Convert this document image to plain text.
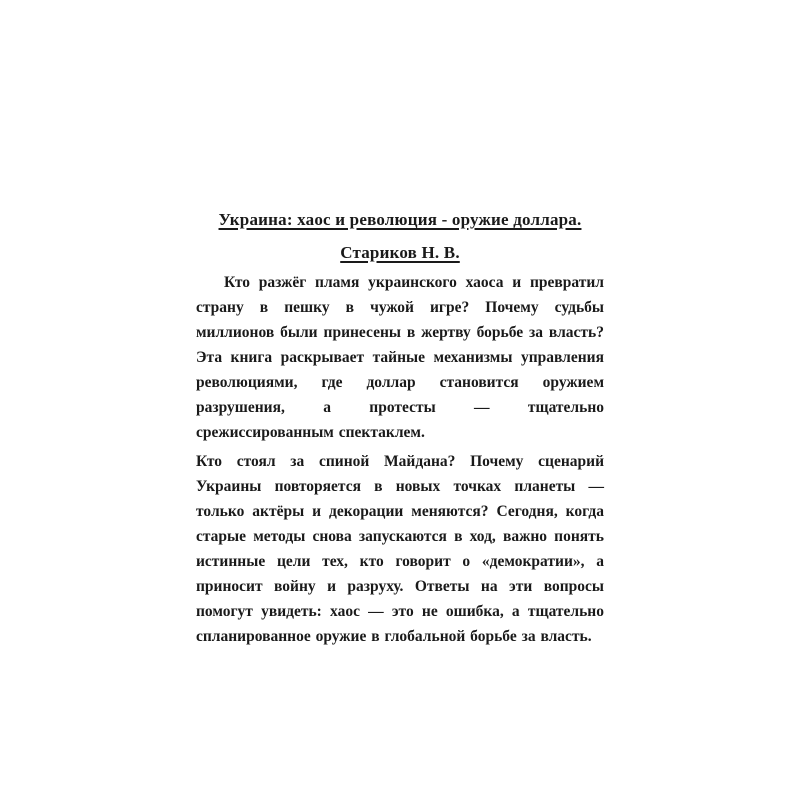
Украина: хаос и революция - оружие доллара.
Стариков Н. В.

Кто разжёг пламя украинского хаоса и превратил страну в пешку в чужой игре? Почему судьбы миллионов были принесены в жертву борьбе за власть? Эта книга раскрывает тайные механизмы управления революциями, где доллар становится оружием разрушения, а протесты — тщательно срежиссированным спектаклем.

Кто стоял за спиной Майдана? Почему сценарий Украины повторяется в новых точках планеты — только актёры и декорации меняются? Сегодня, когда старые методы снова запускаются в ход, важно понять истинные цели тех, кто говорит о «демократии», а приносит войну и разруху. Ответы на эти вопросы помогут увидеть: хаос — это не ошибка, а тщательно спланированное оружие в глобальной борьбе за власть.
